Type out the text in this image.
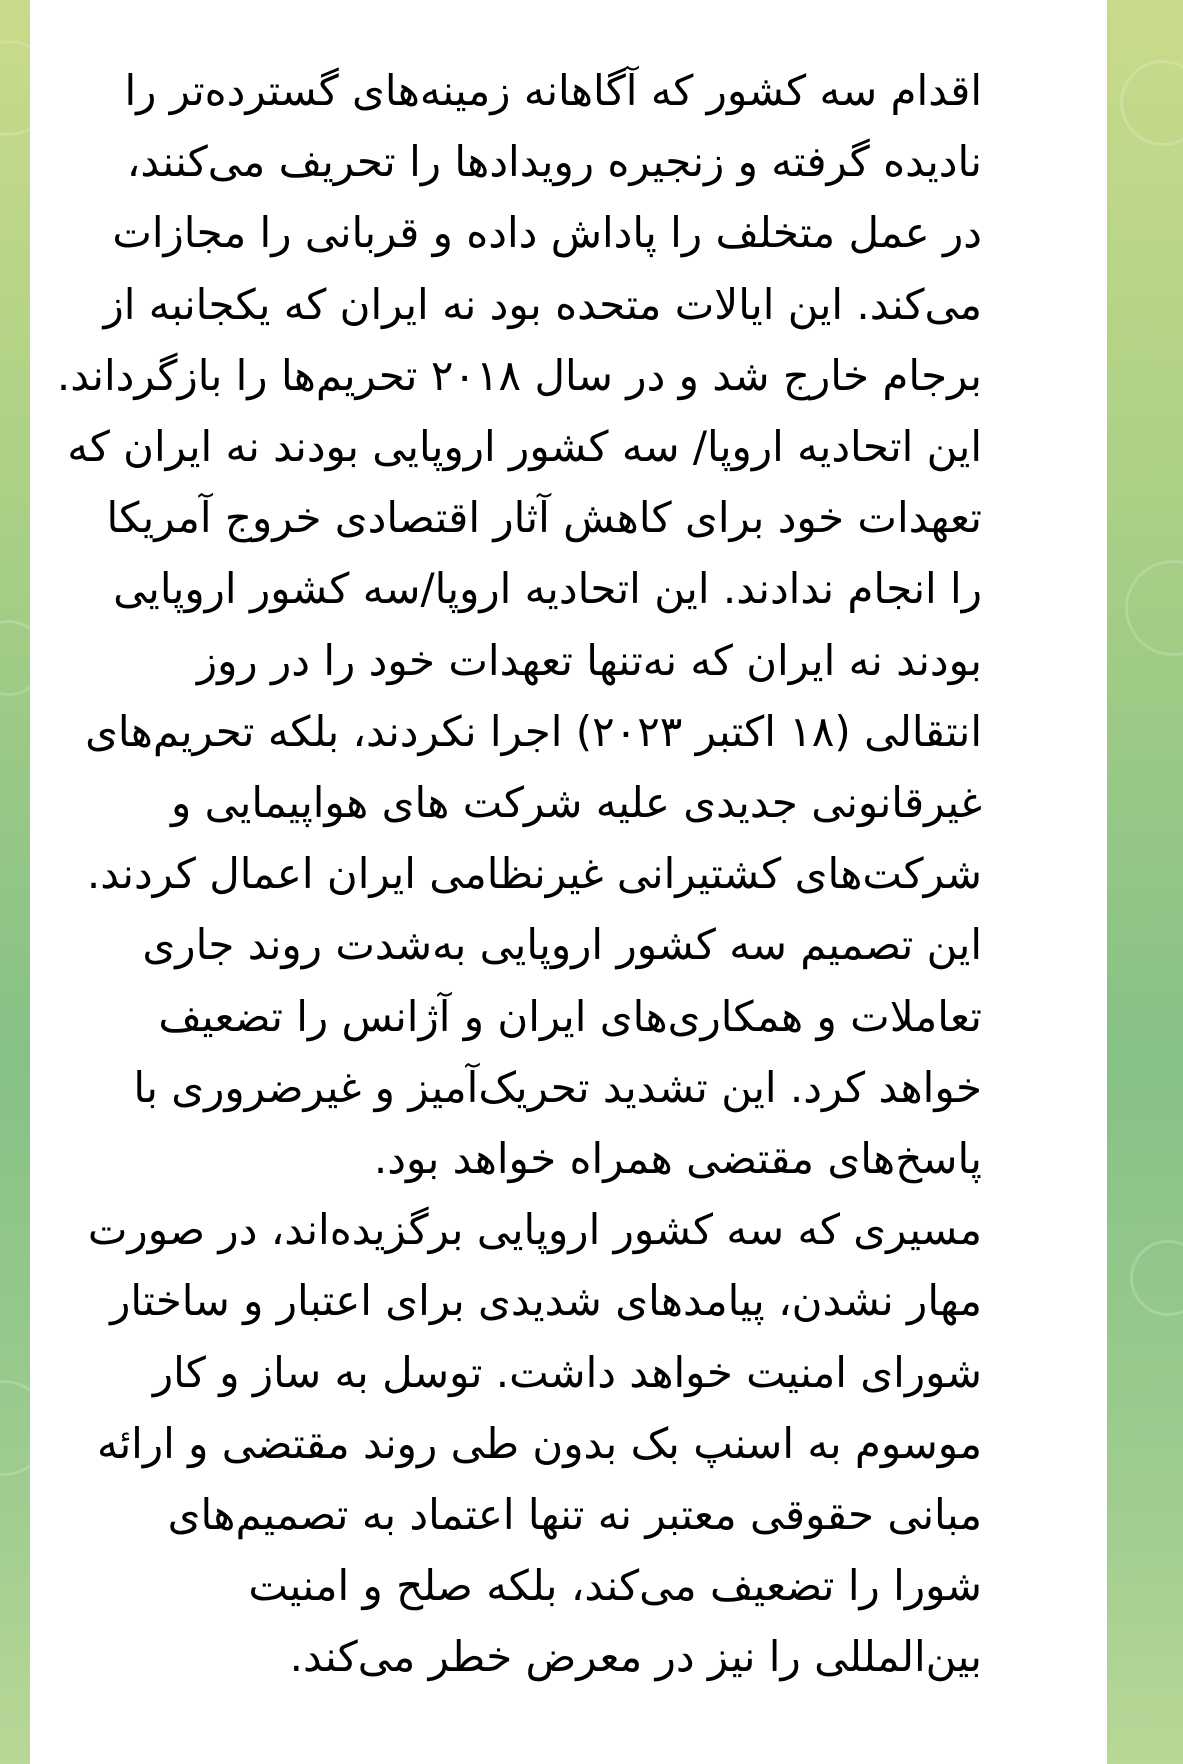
اقدام سه کشور که آگاهانه زمینه‌های گسترده‌تر را
نادیده گرفته و زنجیره رویدادها را تحریف می‌کنند،
در عمل متخلف را پاداش داده و قربانی را مجازات
می‌کند. این ایالات متحده بود نه ایران که یکجانبه از
برجام خارج شد و در سال ۲۰۱۸ تحریم‌ها را بازگرداند.
این اتحادیه اروپا/ سه کشور اروپایی بودند نه ایران که
تعهدات خود برای کاهش آثار اقتصادی خروج آمریکا
را انجام ندادند. این اتحادیه اروپا/سه کشور اروپایی
بودند نه ایران که نه‌تنها تعهدات خود را در روز
انتقالی (۱۸ اکتبر ۲۰۲۳) اجرا نکردند، بلکه تحریم‌های
غیرقانونی جدیدی علیه شرکت های هواپیمایی و
شرکت‌های کشتیرانی غیرنظامی ایران اعمال کردند.
این تصمیم سه کشور اروپایی به‌شدت روند جاری
تعاملات و همکاری‌های ایران و آژانس را تضعیف
خواهد کرد. این تشدید تحریک‌آمیز و غیرضروری با
پاسخ‌های مقتضی همراه خواهد بود.
مسیری که سه کشور اروپایی برگزیده‌اند، در صورت
مهار نشدن، پیامدهای شدیدی برای اعتبار و ساختار
شورای امنیت خواهد داشت. توسل به ساز و کار
موسوم به اسنپ بک بدون طی روند مقتضی و ارائه
مبانی حقوقی معتبر نه تنها اعتماد به تصمیم‌های
شورا را تضعیف می‌کند، بلکه صلح و امنیت
بین‌المللی را نیز در معرض خطر می‌کند.
